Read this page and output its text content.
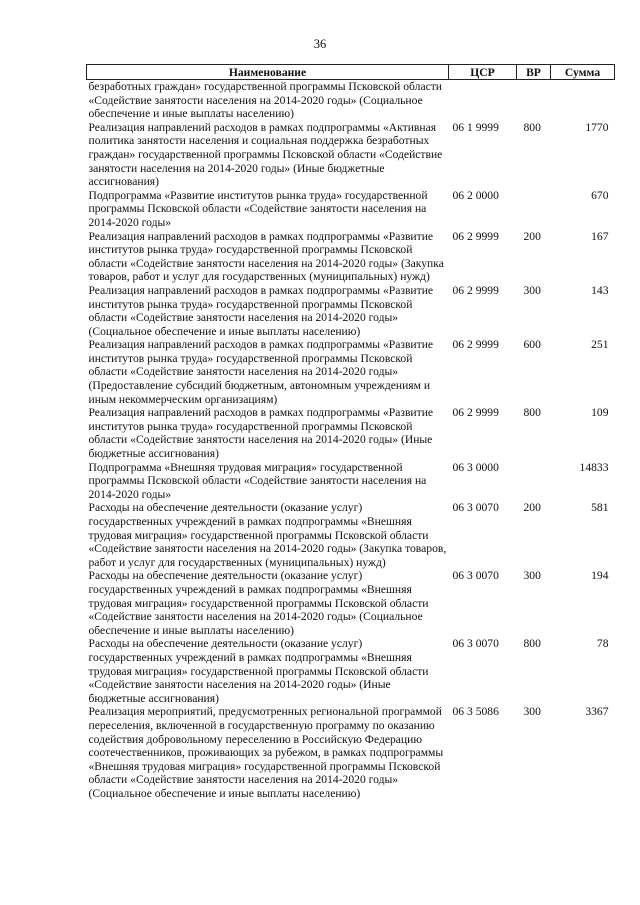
36
Наименование	ЦСР	ВР	Сумма
безработных граждан» государственной программы Псковской области «Содействие занятости населения на 2014-2020 годы» (Социальное обеспечение и иные выплаты населению)			
Реализация направлений расходов в рамках подпрограммы «Активная политика занятости населения и социальная поддержка безработных граждан» государственной программы Псковской области «Содействие занятости населения на 2014-2020 годы» (Иные бюджетные ассигнования)	06 1 9999	800	1770
Подпрограмма «Развитие институтов рынка труда» государственной программы Псковской области «Содействие занятости населения на 2014-2020 годы»	06 2 0000		670
Реализация направлений расходов в рамках подпрограммы «Развитие институтов рынка труда» государственной программы Псковской области «Содействие занятости населения на 2014-2020 годы» (Закупка товаров, работ и услуг для государственных (муниципальных) нужд)	06 2 9999	200	167
Реализация направлений расходов в рамках подпрограммы «Развитие институтов рынка труда» государственной программы Псковской области «Содействие занятости населения на 2014-2020 годы» (Социальное обеспечение и иные выплаты населению)	06 2 9999	300	143
Реализация направлений расходов в рамках подпрограммы «Развитие институтов рынка труда» государственной программы Псковской области «Содействие занятости населения на 2014-2020 годы» (Предоставление субсидий бюджетным, автономным учреждениям и иным некоммерческим организациям)	06 2 9999	600	251
Реализация направлений расходов в рамках подпрограммы «Развитие институтов рынка труда» государственной программы Псковской области «Содействие занятости населения на 2014-2020 годы» (Иные бюджетные ассигнования)	06 2 9999	800	109
Подпрограмма «Внешняя трудовая миграция» государственной программы Псковской области «Содействие занятости населения на 2014-2020 годы»	06 3 0000		14833
Расходы на обеспечение деятельности (оказание услуг) государственных учреждений в рамках подпрограммы «Внешняя трудовая миграция» государственной программы Псковской области «Содействие занятости населения на 2014-2020 годы» (Закупка товаров, работ и услуг для государственных (муниципальных) нужд)	06 3 0070	200	581
Расходы на обеспечение деятельности (оказание услуг) государственных учреждений в рамках подпрограммы «Внешняя трудовая миграция» государственной программы Псковской области «Содействие занятости населения на 2014-2020 годы» (Социальное обеспечение и иные выплаты населению)	06 3 0070	300	194
Расходы на обеспечение деятельности (оказание услуг) государственных учреждений в рамках подпрограммы «Внешняя трудовая миграция» государственной программы Псковской области «Содействие занятости населения на 2014-2020 годы» (Иные бюджетные ассигнования)	06 3 0070	800	78
Реализация мероприятий, предусмотренных региональной программой переселения, включенной в государственную программу по оказанию содействия добровольному переселению в Российскую Федерацию соотечественников, проживающих за рубежом, в рамках подпрограммы «Внешняя трудовая миграция» государственной программы Псковской области «Содействие занятости населения на 2014-2020 годы» (Социальное обеспечение и иные выплаты населению)	06 3 5086	300	3367
